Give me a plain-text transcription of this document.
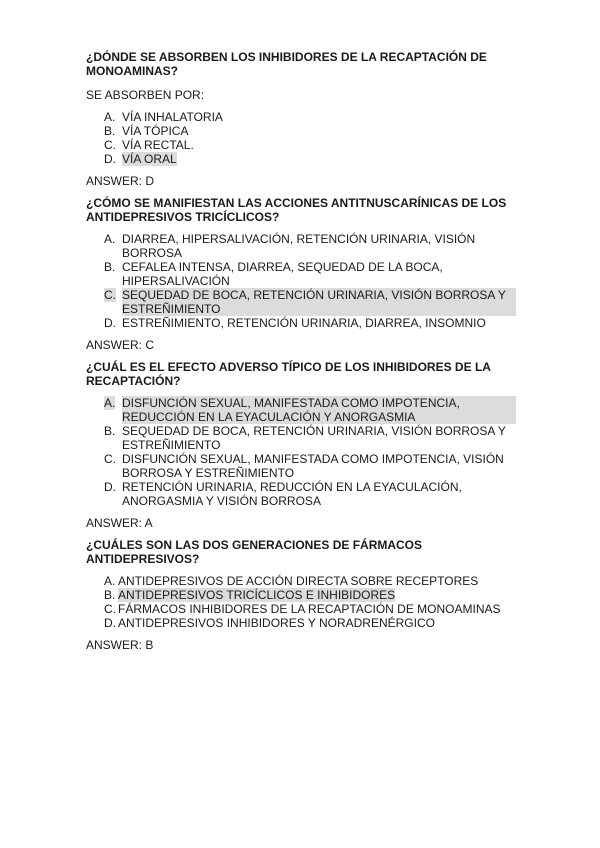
¿DÓNDE SE ABSORBEN LOS INHIBIDORES DE LA RECAPTACIÓN DE MONOAMINAS?

SE ABSORBEN POR:

A. VÍA INHALATORIA
B. VÍA TÓPICA
C. VÍA RECTAL.
D. VÍA ORAL

ANSWER: D

¿CÓMO SE MANIFIESTAN LAS ACCIONES ANTITNUSCARÍNICAS DE LOS ANTIDEPRESIVOS TRICÍCLICOS?

A. DIARREA, HIPERSALIVACIÓN, RETENCIÓN URINARIA, VISIÓN BORROSA
B. CEFALEA INTENSA, DIARREA, SEQUEDAD DE LA BOCA, HIPERSALIVACIÓN
C. SEQUEDAD DE BOCA, RETENCIÓN URINARIA, VISIÓN BORROSA Y ESTREÑIMIENTO
D. ESTREÑIMIENTO, RETENCIÓN URINARIA, DIARREA, INSOMNIO

ANSWER: C

¿CUÁL ES EL EFECTO ADVERSO TÍPICO DE LOS INHIBIDORES DE LA RECAPTACIÓN?

A. DISFUNCIÓN SEXUAL, MANIFESTADA COMO IMPOTENCIA, REDUCCIÓN EN LA EYACULACIÓN Y ANORGASMIA
B. SEQUEDAD DE BOCA, RETENCIÓN URINARIA, VISIÓN BORROSA Y ESTREÑIMIENTO
C. DISFUNCIÓN SEXUAL, MANIFESTADA COMO IMPOTENCIA, VISIÓN BORROSA Y ESTREÑIMIENTO
D. RETENCIÓN URINARIA, REDUCCIÓN EN LA EYACULACIÓN, ANORGASMIA Y VISIÓN BORROSA

ANSWER: A

¿CUÁLES SON LAS DOS GENERACIONES DE FÁRMACOS ANTIDEPRESIVOS?

A. ANTIDEPRESIVOS DE ACCIÓN DIRECTA SOBRE RECEPTORES
B. ANTIDEPRESIVOS TRICÍCLICOS E INHIBIDORES
C. FÁRMACOS INHIBIDORES DE LA RECAPTACIÓN DE MONOAMINAS
D. ANTIDEPRESIVOS INHIBIDORES Y NORADRENÉRGICO

ANSWER: B
